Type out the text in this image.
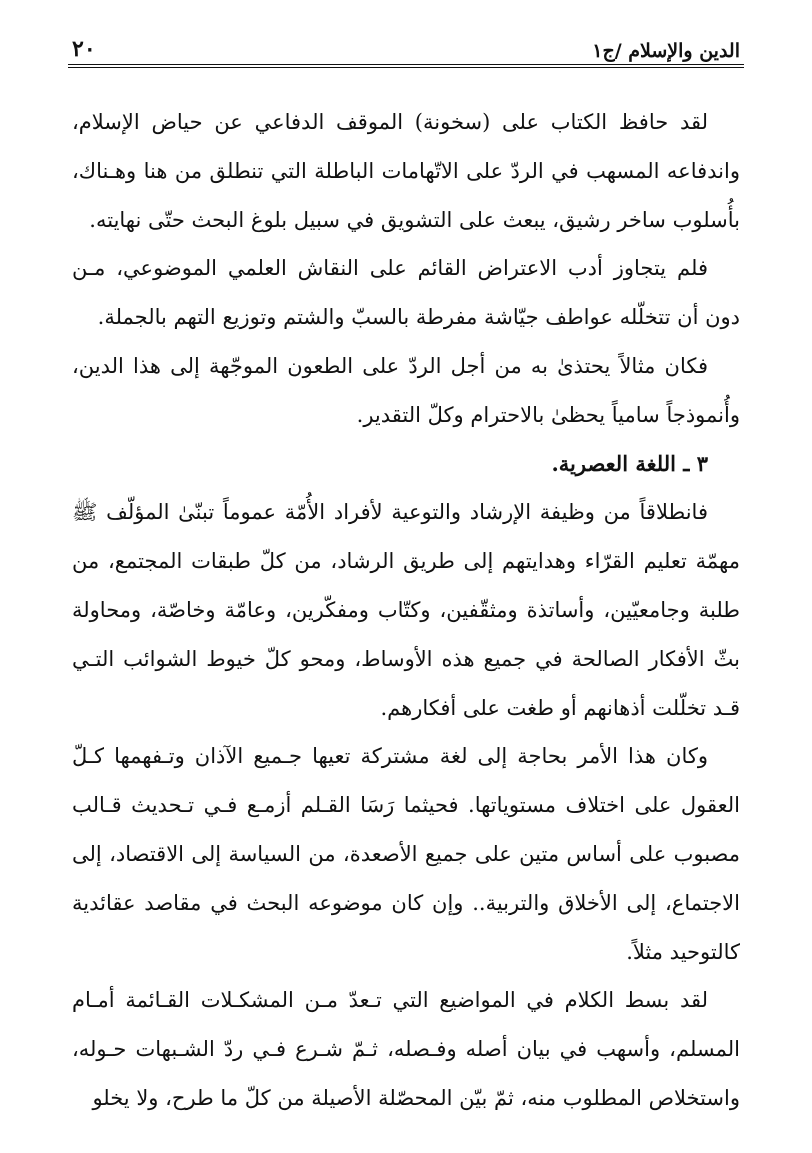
الدين والإسلام /ج١
٢٠

لقد حافظ الكتاب على (سخونة) الموقف الدفاعي عن حياض الإسلام، واندفاعه المسهب في الردّ على الاتّهامات الباطلة التي تنطلق من هنا وهـناك، بأُسلوب ساخر رشيق، يبعث على التشويق في سبيل بلوغ البحث حتّى نهايته.

فلم يتجاوز أدب الاعتراض القائم على النقاش العلمي الموضوعي، مـن دون أن تتخلّله عواطف جيّاشة مفرطة بالسبّ والشتم وتوزيع التهم بالجملة.

فكان مثالاً يحتذىٰ به من أجل الردّ على الطعون الموجّهة إلى هذا الدين، وأُنموذجاً سامياً يحظىٰ بالاحترام وكلّ التقدير.

٣ ـ اللغة العصرية.

فانطلاقاً من وظيفة الإرشاد والتوعية لأفراد الأُمّة عموماً تبنّىٰ المؤلّف ﷺ مهمّة تعليم القرّاء وهدايتهم إلى طريق الرشاد، من كلّ طبقات المجتمع، من طلبة وجامعيّين، وأساتذة ومثقّفين، وكتّاب ومفكّرين، وعامّة وخاصّة، ومحاولة بثّ الأفكار الصالحة في جميع هذه الأوساط، ومحو كلّ خيوط الشوائب التـي قـد تخلّلت أذهانهم أو طغت على أفكارهم.

وكان هذا الأمر بحاجة إلى لغة مشتركة تعيها جـميع الآذان وتـفهمها كـلّ العقول على اختلاف مستوياتها. فحيثما رَسَا القـلم أزمـع فـي تـحديث قـالب مصبوب على أساس متين على جميع الأصعدة، من السياسة إلى الاقتصاد، إلى الاجتماع، إلى الأخلاق والتربية.. وإن كان موضوعه البحث في مقاصد عقائدية كالتوحيد مثلاً.

لقد بسط الكلام في المواضيع التي تـعدّ مـن المشكـلات القـائمة أمـام المسلم، وأسهب في بيان أصله وفـصله، ثـمّ شـرع فـي ردّ الشـبهات حـوله، واستخلاص المطلوب منه، ثمّ بيّن المحصّلة الأصيلة من كلّ ما طرح، ولا يخلو
